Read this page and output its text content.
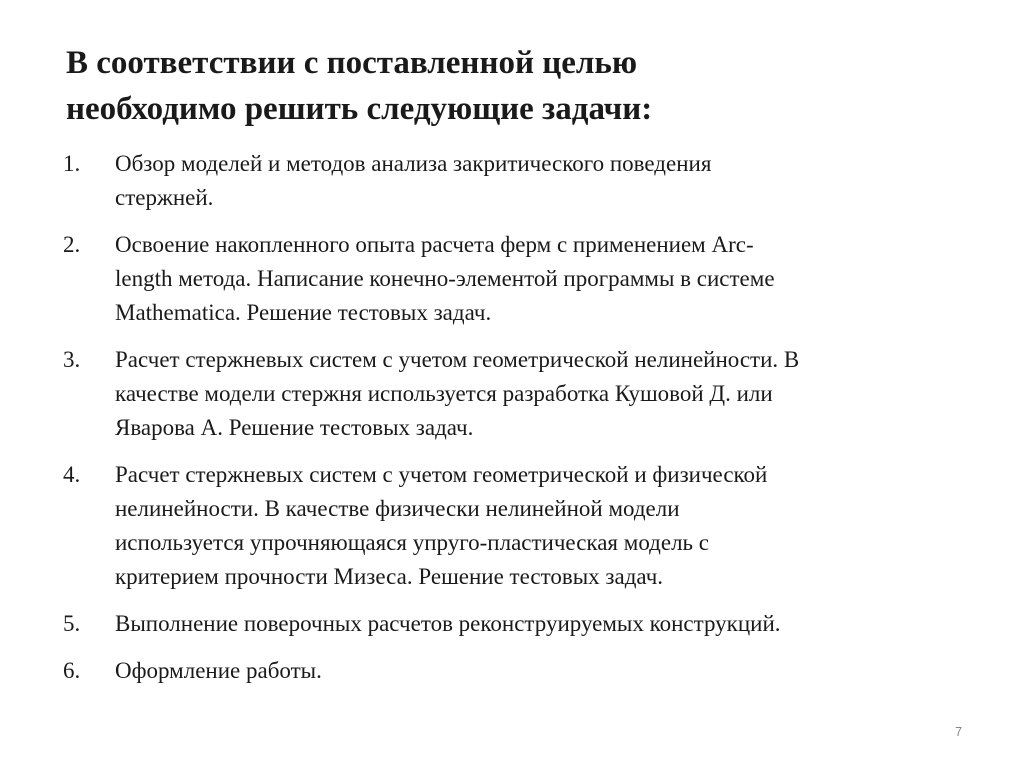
В соответствии с поставленной целью
необходимо решить следующие задачи:
1. Обзор моделей и методов анализа закритического поведения
стержней.
2. Освоение накопленного опыта расчета ферм с применением Arc-
length метода. Написание конечно-элементой программы в системе
Mathematica. Решение тестовых задач.
3. Расчет стержневых систем с учетом геометрической нелинейности. В
качестве модели стержня используется разработка Кушовой Д. или
Яварова А. Решение тестовых задач.
4. Расчет стержневых систем с учетом геометрической и физической
нелинейности. В качестве физически нелинейной модели
используется упрочняющаяся упруго-пластическая модель с
критерием прочности Мизеса. Решение тестовых задач.
5. Выполнение поверочных расчетов реконструируемых конструкций.
6. Оформление работы.
7
